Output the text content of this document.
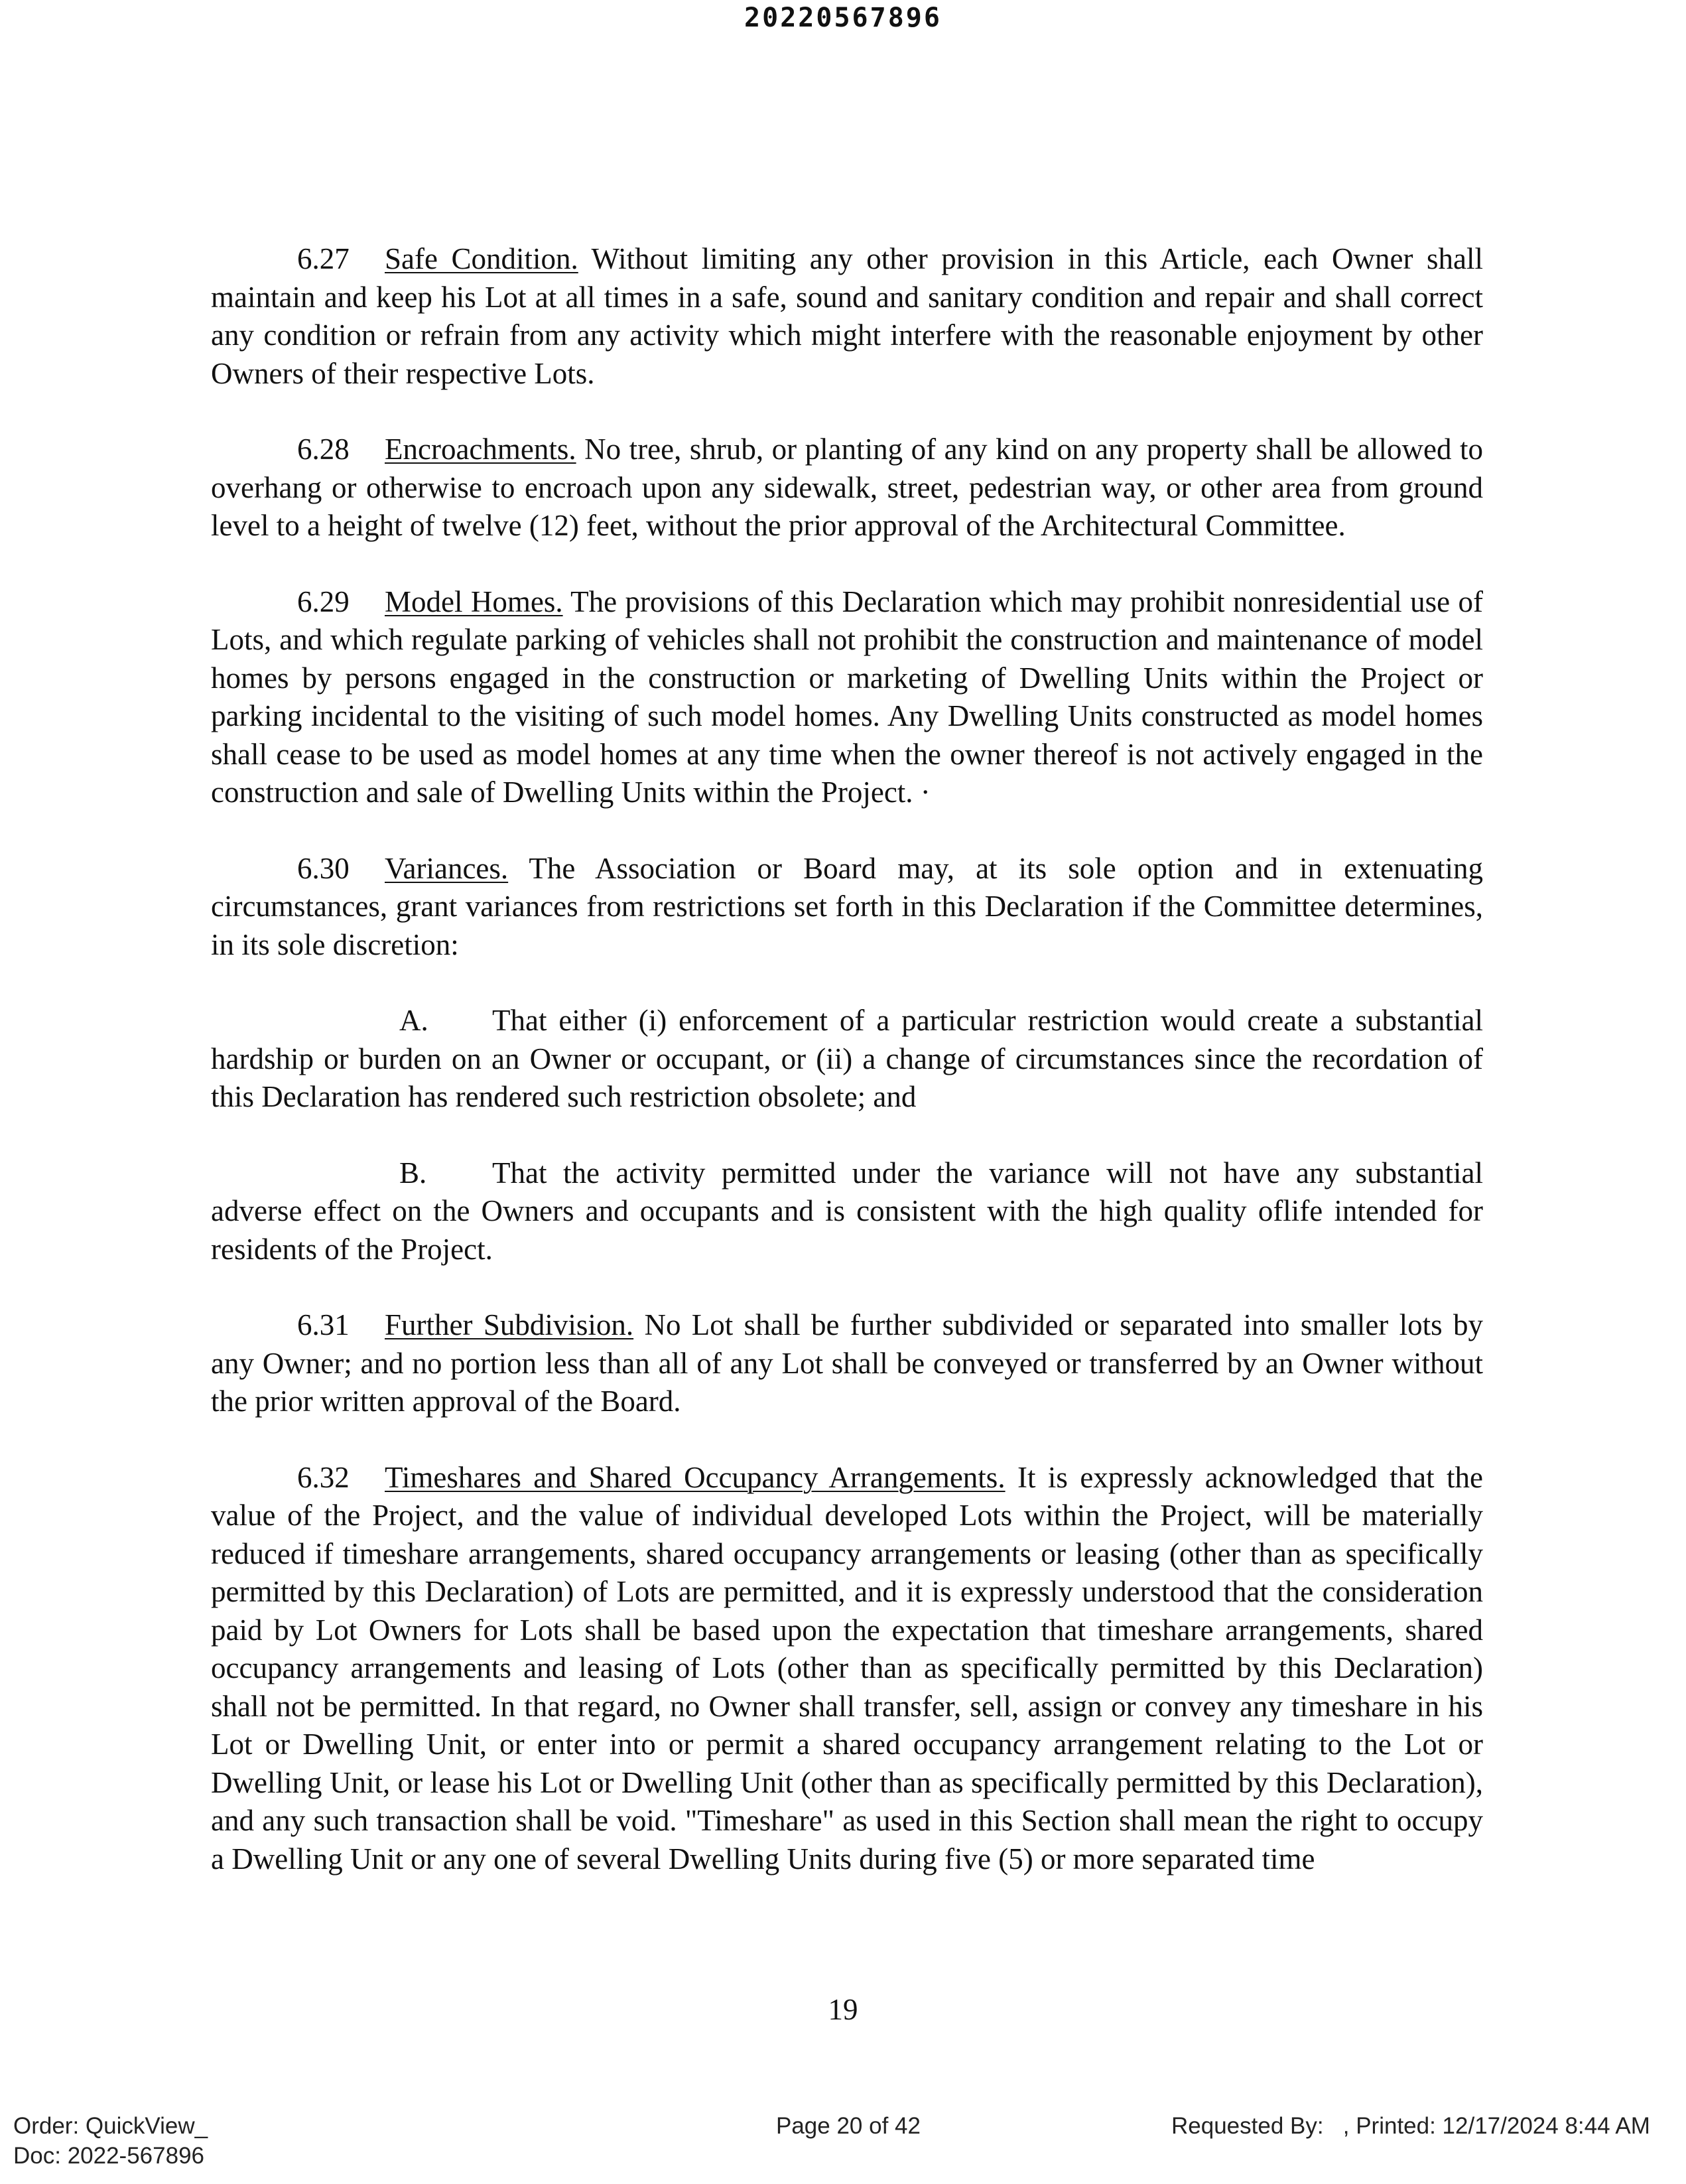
20220567896

6.27 Safe Condition. Without limiting any other provision in this Article, each Owner shall maintain and keep his Lot at all times in a safe, sound and sanitary condition and repair and shall correct any condition or refrain from any activity which might interfere with the reasonable enjoyment by other Owners of their respective Lots.

6.28 Encroachments. No tree, shrub, or planting of any kind on any property shall be allowed to overhang or otherwise to encroach upon any sidewalk, street, pedestrian way, or other area from ground level to a height of twelve (12) feet, without the prior approval of the Architectural Committee.

6.29 Model Homes. The provisions of this Declaration which may prohibit nonresidential use of Lots, and which regulate parking of vehicles shall not prohibit the construction and maintenance of model homes by persons engaged in the construction or marketing of Dwelling Units within the Project or parking incidental to the visiting of such model homes. Any Dwelling Units constructed as model homes shall cease to be used as model homes at any time when the owner thereof is not actively engaged in the construction and sale of Dwelling Units within the Project. ·

6.30 Variances. The Association or Board may, at its sole option and in extenuating circumstances, grant variances from restrictions set forth in this Declaration if the Committee determines, in its sole discretion:

A. That either (i) enforcement of a particular restriction would create a substantial hardship or burden on an Owner or occupant, or (ii) a change of circumstances since the recordation of this Declaration has rendered such restriction obsolete; and

B. That the activity permitted under the variance will not have any substantial adverse effect on the Owners and occupants and is consistent with the high quality oflife intended for residents of the Project.

6.31 Further Subdivision. No Lot shall be further subdivided or separated into smaller lots by any Owner; and no portion less than all of any Lot shall be conveyed or transferred by an Owner without the prior written approval of the Board.

6.32 Timeshares and Shared Occupancy Arrangements. It is expressly acknowledged that the value of the Project, and the value of individual developed Lots within the Project, will be materially reduced if timeshare arrangements, shared occupancy arrangements or leasing (other than as specifically permitted by this Declaration) of Lots are permitted, and it is expressly understood that the consideration paid by Lot Owners for Lots shall be based upon the expectation that timeshare arrangements, shared occupancy arrangements and leasing of Lots (other than as specifically permitted by this Declaration) shall not be permitted. In that regard, no Owner shall transfer, sell, assign or convey any timeshare in his Lot or Dwelling Unit, or enter into or permit a shared occupancy arrangement relating to the Lot or Dwelling Unit, or lease his Lot or Dwelling Unit (other than as specifically permitted by this Declaration), and any such transaction shall be void. "Timeshare" as used in this Section shall mean the right to occupy a Dwelling Unit or any one of several Dwelling Units during five (5) or more separated time

19
Order: QuickView_
Doc: 2022-567896
Page 20 of 42	Requested By:   , Printed: 12/17/2024 8:44 AM
